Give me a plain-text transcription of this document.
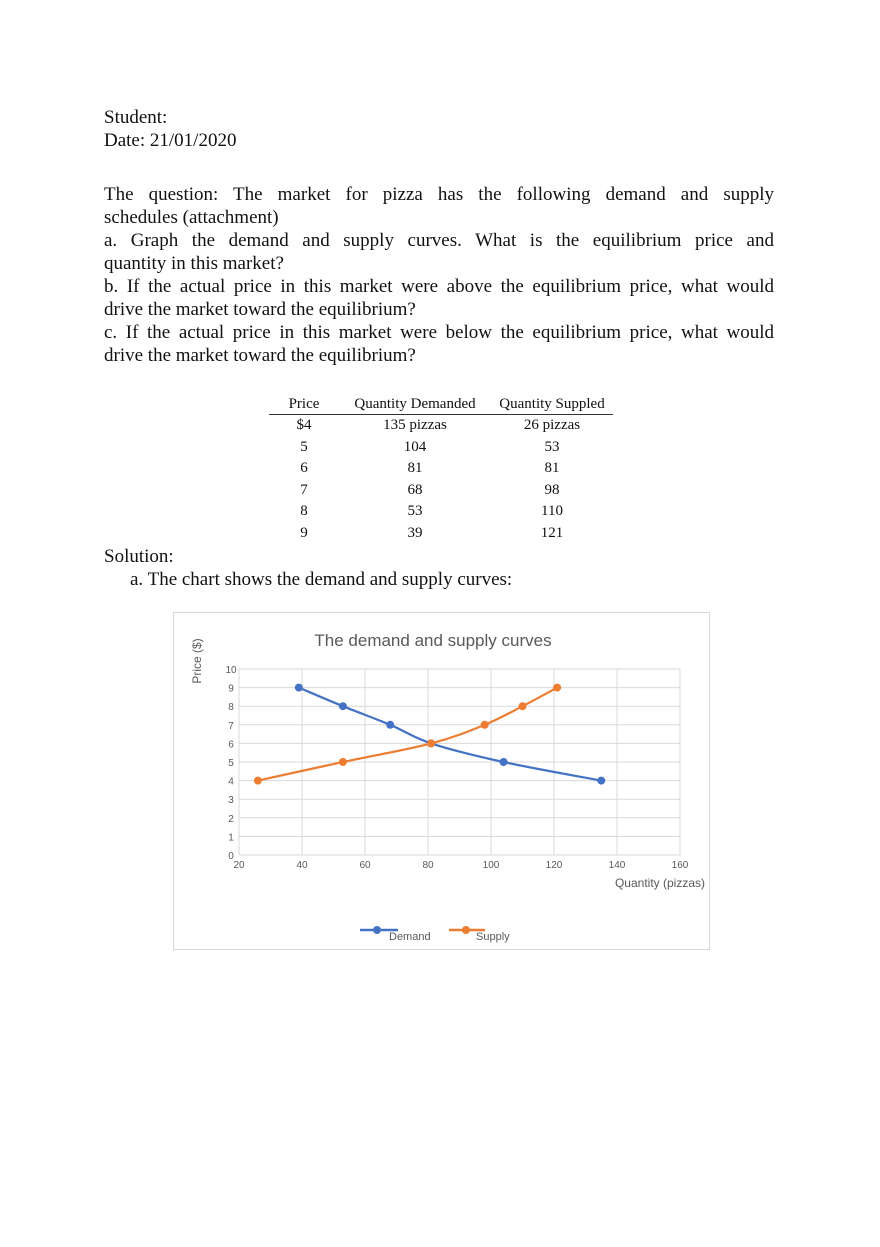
Student:
Date: 21/01/2020
The question: The market for pizza has the following demand and supply
schedules (attachment)
a. Graph the demand and supply curves. What is the equilibrium price and
quantity in this market?
b. If the actual price in this market were above the equilibrium price, what would
drive the market toward the equilibrium?
c. If the actual price in this market were below the equilibrium price, what would
drive the market toward the equilibrium?
Price	Quantity Demanded	Quantity Suppled
$4	135 pizzas	26 pizzas
5	104	53
6	81	81
7	68	98
8	53	110
9	39	121
Solution:
a. The chart shows the demand and supply curves:
The demand and supply curves
Price ($)
Quantity (pizzas)
0
1
2
3
4
5
6
7
8
9
10
20	40	60	80	100	120	140	160
Demand	Supply
